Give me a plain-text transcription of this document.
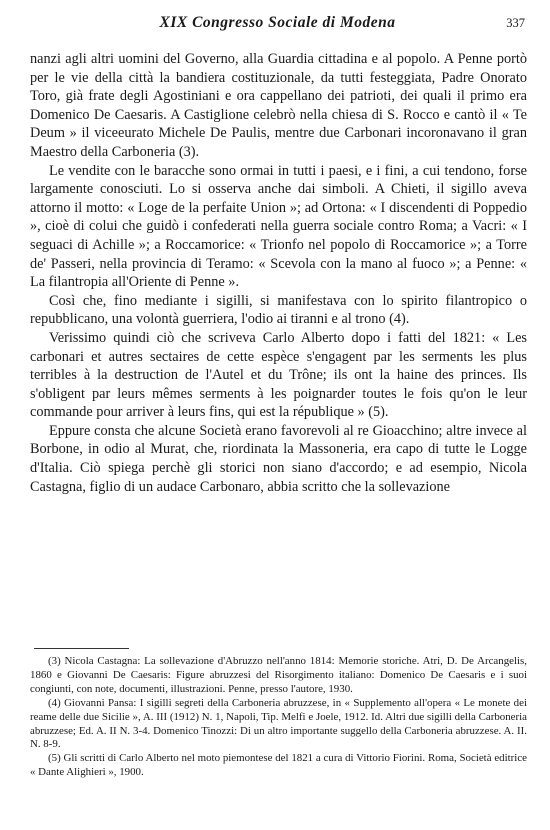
XIX Congresso Sociale di Modena	337

nanzi agli altri uomini del Governo, alla Guardia cittadina e al popolo. A Penne portò per le vie della città la bandiera costituzionale, da tutti festeggiata, Padre Onorato Toro, già frate degli Agostiniani e ora cappellano dei patrioti, dei quali il primo era Domenico De Caesaris. A Castiglione celebrò nella chiesa di S. Rocco e cantò il « Te Deum » il viceeurato Michele De Paulis, mentre due Carbonari incoronavano il gran Maestro della Carboneria (3).

Le vendite con le baracche sono ormai in tutti i paesi, e i fini, a cui tendono, forse largamente conosciuti. Lo si osserva anche dai simboli. A Chieti, il sigillo aveva attorno il motto: « Loge de la perfaite Union »; ad Ortona: « I discendenti di Poppedio », cioè di colui che guidò i confederati nella guerra sociale contro Roma; a Vacri: « I seguaci di Achille »; a Roccamorice: « Trionfo nel popolo di Roccamorice »; a Torre de' Passeri, nella provincia di Teramo: « Scevola con la mano al fuoco »; a Penne: « La filantropia all'Oriente di Penne ».

Così che, fino mediante i sigilli, si manifestava con lo spirito filantropico o repubblicano, una volontà guerriera, l'odio ai tiranni e al trono (4).

Verissimo quindi ciò che scriveva Carlo Alberto dopo i fatti del 1821: « Les carbonari et autres sectaires de cette espèce s'engagent par les serments les plus terribles à la destruction de l'Autel et du Trône; ils ont la haine des princes. Ils s'obligent par leurs mêmes serments à les poignarder toutes le fois qu'on le leur commande pour arriver à leurs fins, qui est la république » (5).

Eppure consta che alcune Società erano favorevoli al re Gioacchino; altre invece al Borbone, in odio al Murat, che, riordinata la Massoneria, era capo di tutte le Logge d'Italia. Ciò spiega perchè gli storici non siano d'accordo; e ad esempio, Nicola Castagna, figlio di un audace Carbonaro, abbia scritto che la sollevazione

(3) Nicola Castagna: La sollevazione d'Abruzzo nell'anno 1814: Memorie storiche. Atri, D. De Arcangelis, 1860 e Giovanni De Caesaris: Figure abruzzesi del Risorgimento italiano: Domenico De Caesaris e i suoi congiunti, con note, documenti, illustrazioni. Penne, presso l'autore, 1930.

(4) Giovanni Pansa: I sigilli segreti della Carboneria abruzzese, in « Supplemento all'opera « Le monete dei reame delle due Sicilie », A. III (1912) N. 1, Napoli, Tip. Melfi e Joele, 1912. Id. Altri due sigilli della Carboneria abruzzese; Ed. A. II N. 3-4. Domenico Tinozzi: Di un altro importante suggello della Carboneria abruzzese. A. II. N. 8-9.

(5) Gli scritti di Carlo Alberto nel moto piemontese del 1821 a cura di Vittorio Fiorini. Roma, Società editrice « Dante Alighieri », 1900.
